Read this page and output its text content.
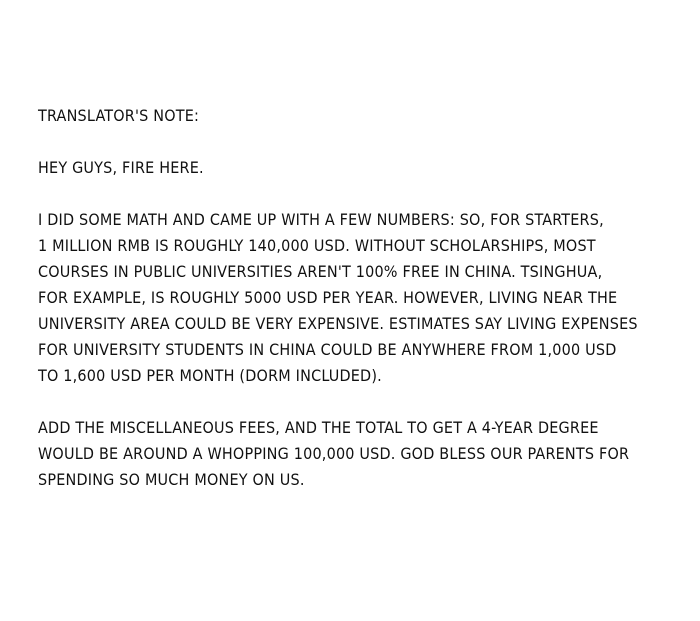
TRANSLATOR'S NOTE:
HEY GUYS, FIRE HERE.
I DID SOME MATH AND CAME UP WITH A FEW NUMBERS: SO, FOR STARTERS,
1 MILLION RMB IS ROUGHLY 140,000 USD. WITHOUT SCHOLARSHIPS, MOST
COURSES IN PUBLIC UNIVERSITIES AREN'T 100% FREE IN CHINA. TSINGHUA,
FOR EXAMPLE, IS ROUGHLY 5000 USD PER YEAR. HOWEVER, LIVING NEAR THE
UNIVERSITY AREA COULD BE VERY EXPENSIVE. ESTIMATES SAY LIVING EXPENSES
FOR UNIVERSITY STUDENTS IN CHINA COULD BE ANYWHERE FROM 1,000 USD
TO 1,600 USD PER MONTH (DORM INCLUDED).
ADD THE MISCELLANEOUS FEES, AND THE TOTAL TO GET A 4-YEAR DEGREE
WOULD BE AROUND A WHOPPING 100,000 USD. GOD BLESS OUR PARENTS FOR
SPENDING SO MUCH MONEY ON US.
